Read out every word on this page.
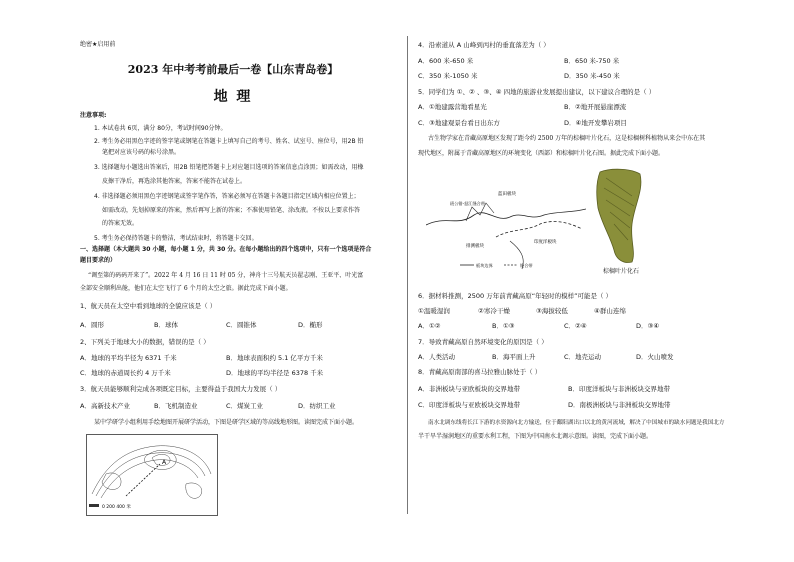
绝密★启用前
2023 年中考考前最后一卷【山东青岛卷】
地 理
注意事项:
1. 本试卷共 6页，满分 80分，考试时间90分钟。
2. 考生务必用黑色字迹的签字笔或钢笔在答题卡上填写自己的考号、姓名、试室号、座位号，用2B 铅
笔把对应该号码的标号涂黑。
3. 选择题每小题选出答案后，用2B 铅笔把答题卡上对应题目选项的答案信息点涂黑；如需改动，用橡
皮擦干净后，再选涂其他答案，答案不能答在试卷上。
4. 非选择题必须用黑色字迹钢笔或签字笔作答，答案必须写在答题卡各题目指定区域内相应位置上；
如需改动，先划掉原来的答案，然后再写上新的答案；不准使用铅笔、涂改液。不按以上要求作答
的答案无效。
5. 考生务必保持答题卡的整洁，考试结束时，将答题卡交回。
一、选择题（本大题共 30 小题，每小题 1 分，共 30 分。在每小题给出的四个选项中，只有一个选项是符合
题目要求的）
“调至第的码码开来了”。2022 年 4 月 16 日 11 时 05 分，神舟十三号航天员翟志刚、王亚平、叶光富
全部安全顺利出舱，他们在太空飞行了 6 个月的太空之旅。据此完成下面小题。
1、航天员在太空中看到地球的全貌应该是（ ）
A．圆形	B．球体	C．圆锥体	D．椭形
2、下列关于地球大小的数据，错误的是（ ）
A．地球的平均半径为 6371 千米	B．地球表面积约 5.1 亿平方千米
C．地球的赤道周长约 4 万千米	D．地球的平均半径是 6378 千米
3．航天员能够顺利完成各项既定目标，主要得益于我国大力发展（ ）
A．高新技术产业	B．飞机制造业	C．煤炭工业	D．纺织工业
某中学研学小组利用手绘地图开展研学活动，下图是研学区域的等高线地形图。读图完成下面小题。
A
0 200 400 米
4．沿索道从 A 山峰到丙村的垂直落差为（ ）
A．600 米-650 米	B．650 米-750 米
C．350 米-1050 米	D．350 米-450 米
5．同学们为 ①、② 、③、④ 四地的旅游业发展提出建议，以下建议合理的是（ ）
A．①地建露营地看星光	B．②地开展悬崖漂流
C．③地建观景台看日出东方	D．④地开发攀岩项目
古生物学家在青藏高原地区发现了距今约 2500 万年的棕榈叶片化石，这是棕榈树科植物从来会中东在其
现代地区，附属于青藏高原地区的环境变化（西部）和棕榈叶片化石图。据此完成下面小题。
蓝田板块
排测板块
班公错-怒江缝合带
印度洋板块
板块边界	缝合带
棕榈叶片化石
6．据材料推测，2500 万年前青藏高原“年轻时的模样”可能是（ ）
①温暖湿润	②寒冷干燥	③海拔较低	④群山连绵
A．①②	B．①③	C．②④	D．③④
7．导致青藏高原自然环境变化的原因是（ ）
A．人类活动	B．海平面上升	C．地壳运动	D．火山喷发
8．青藏高原南部的喜马拉雅山脉处于（ ）
A．非洲板块与亚欧板块的交界地带	B．印度洋板块与非洲板块交界地带
C．印度洋板块与亚欧板块交界地带	D．南极洲板块与非洲板块交界地带
南水北调东线将长江下游的水资源向北方输送，位于鄱阳湖出口以北的黄河流域，解决了中国城市的缺水问题是我国北方
半干旱半湿润地区的重要水利工程，下图为中国南水北调示意图。读图，完成下面小题。
